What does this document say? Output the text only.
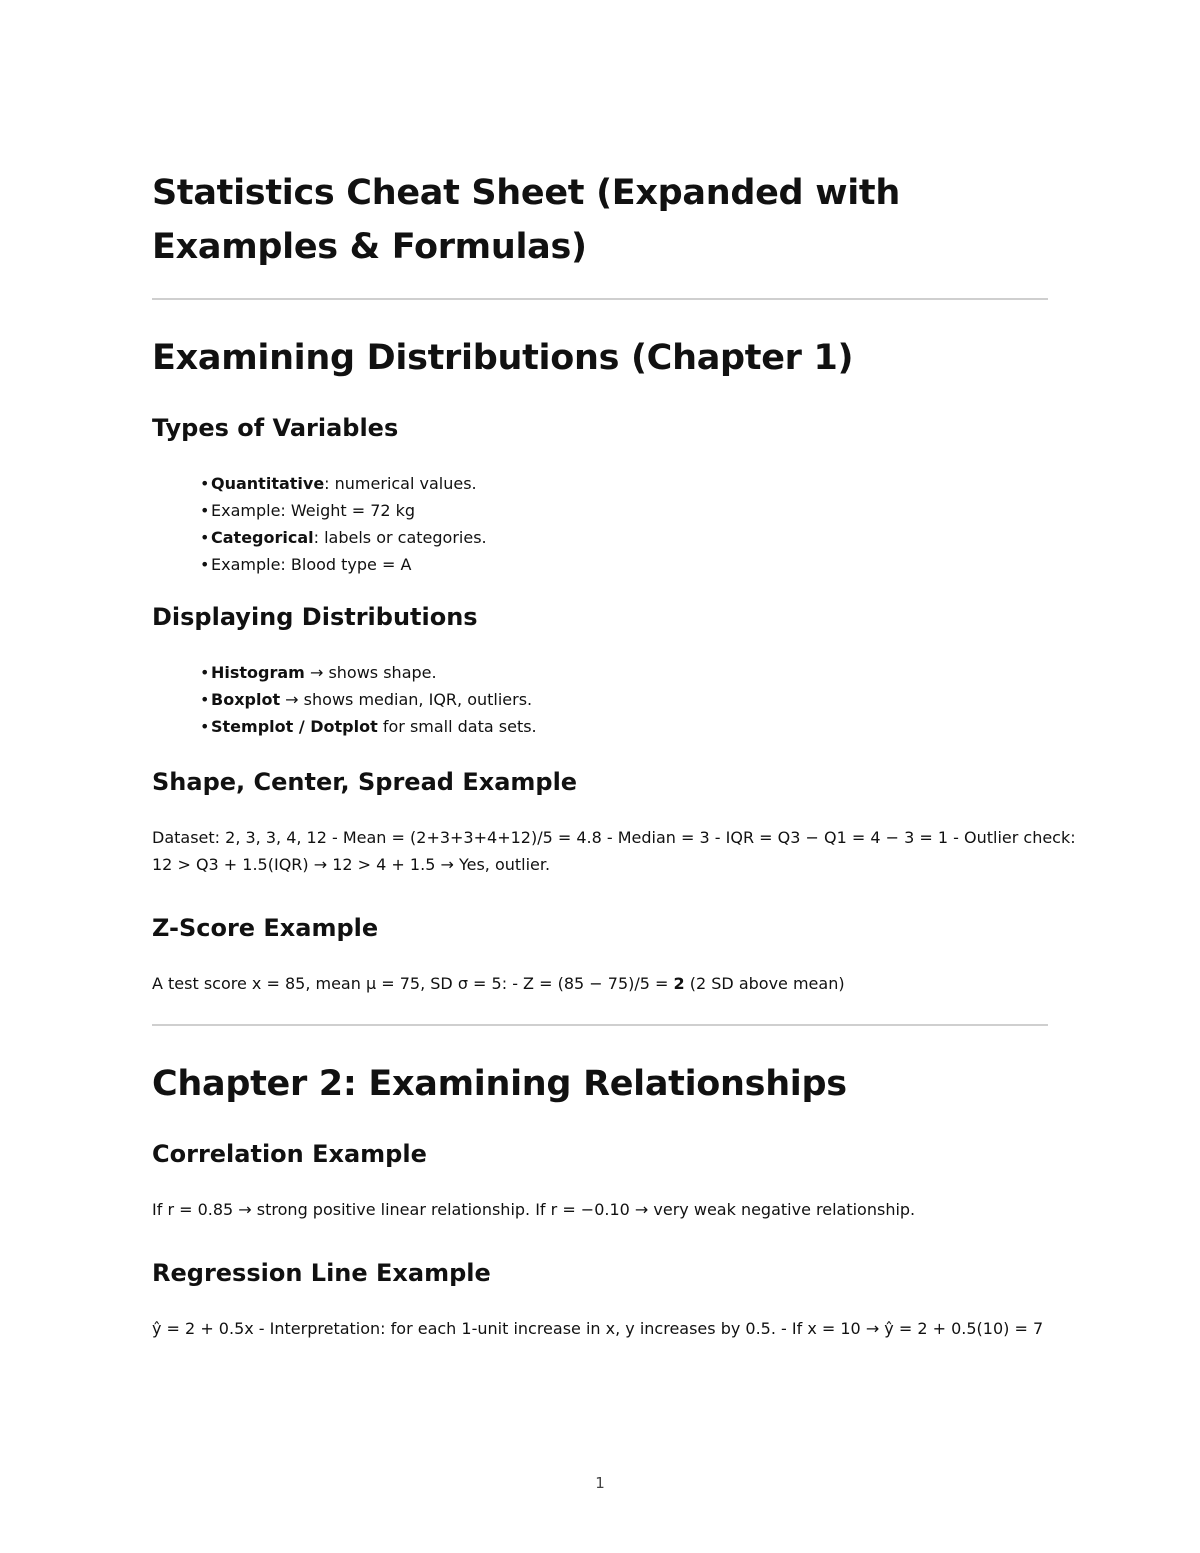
Statistics Cheat Sheet (Expanded with Examples & Formulas)
Examining Distributions (Chapter 1)
Types of Variables
•Quantitative: numerical values.
•Example: Weight = 72 kg
•Categorical: labels or categories.
•Example: Blood type = A
Displaying Distributions
•Histogram → shows shape.
•Boxplot → shows median, IQR, outliers.
•Stemplot / Dotplot for small data sets.
Shape, Center, Spread Example
Dataset: 2, 3, 3, 4, 12 - Mean = (2+3+3+4+12)/5 = 4.8 - Median = 3 - IQR = Q3 − Q1 = 4 − 3 = 1 - Outlier check:
12 > Q3 + 1.5(IQR) → 12 > 4 + 1.5 → Yes, outlier.
Z-Score Example

A test score x = 85, mean μ = 75, SD σ = 5: - Z = (85 − 75)/5 = 2 (2 SD above mean)

Chapter 2: Examining Relationships
Correlation Example

If r = 0.85 → strong positive linear relationship. If r = −0.10 → very weak negative relationship.

Regression Line Example

ŷ = 2 + 0.5x - Interpretation: for each 1-unit increase in x, y increases by 0.5. - If x = 10 → ŷ = 2 + 0.5(10) = 7

1
